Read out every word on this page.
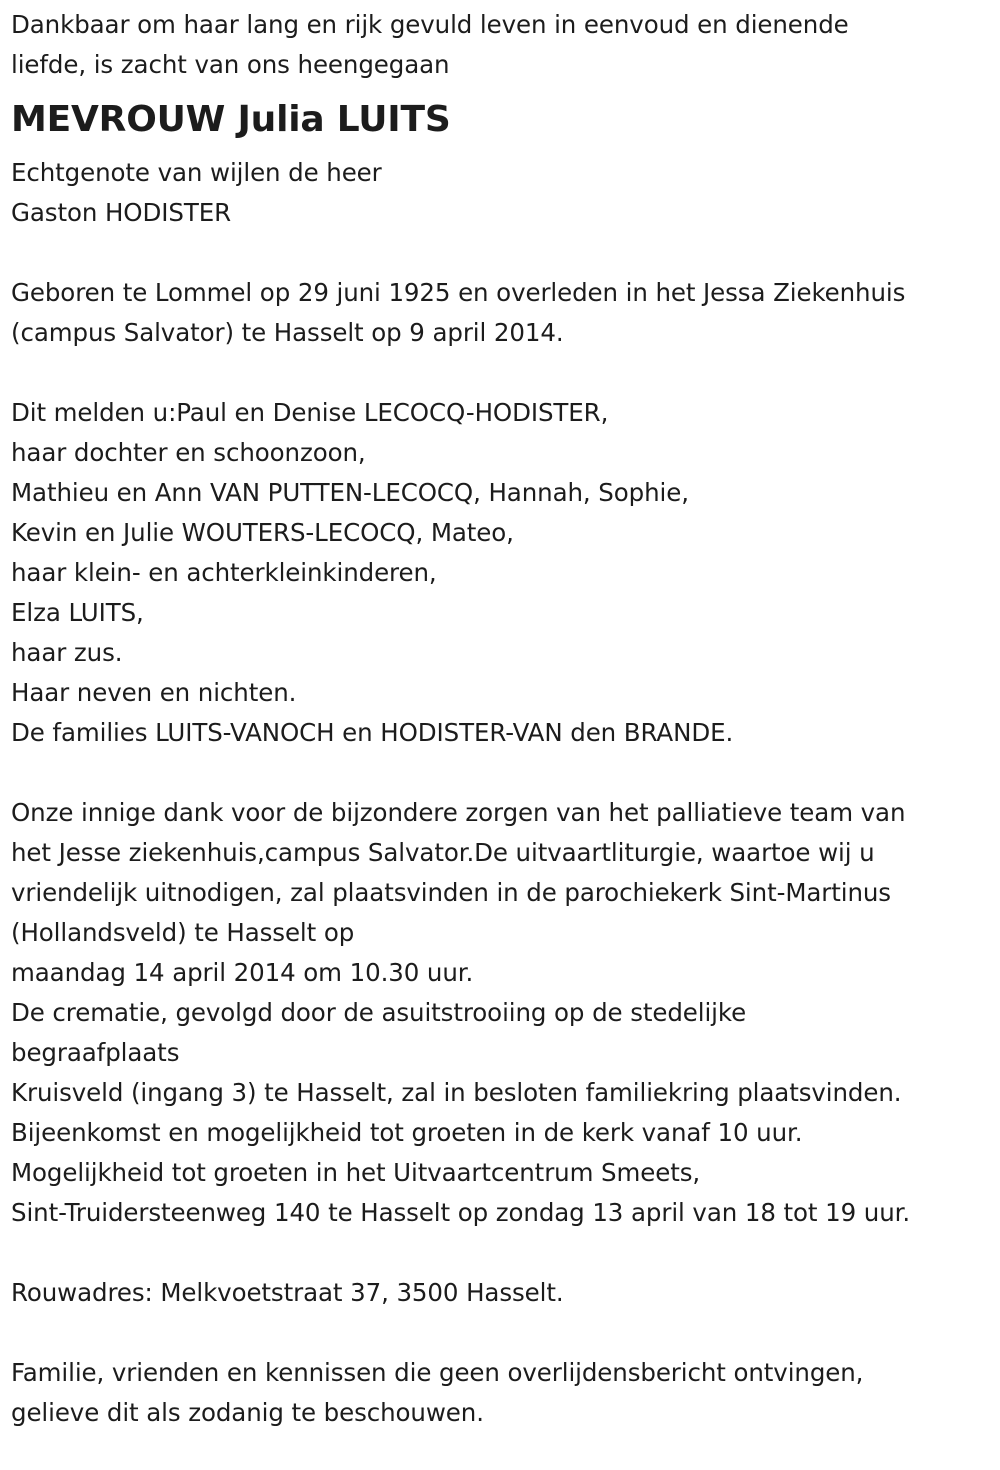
Dankbaar om haar lang en rijk gevuld leven in eenvoud en dienende
liefde, is zacht van ons heengegaan
MEVROUW Julia LUITS
Echtgenote van wijlen de heer
Gaston HODISTER
Geboren te Lommel op 29 juni 1925 en overleden in het Jessa Ziekenhuis
(campus Salvator) te Hasselt op 9 april 2014.
Dit melden u:Paul en Denise LECOCQ-HODISTER,
haar dochter en schoonzoon,
Mathieu en Ann VAN PUTTEN-LECOCQ, Hannah, Sophie,
Kevin en Julie WOUTERS-LECOCQ, Mateo,
haar klein- en achterkleinkinderen,
Elza LUITS,
haar zus.
Haar neven en nichten.
De families LUITS-VANOCH en HODISTER-VAN den BRANDE.
Onze innige dank voor de bijzondere zorgen van het palliatieve team van
het Jesse ziekenhuis,campus Salvator.De uitvaartliturgie, waartoe wij u
vriendelijk uitnodigen, zal plaatsvinden in de parochiekerk Sint-Martinus
(Hollandsveld) te Hasselt op
maandag 14 april 2014 om 10.30 uur.
De crematie, gevolgd door de asuitstrooiing op de stedelijke
begraafplaats
Kruisveld (ingang 3) te Hasselt, zal in besloten familiekring plaatsvinden.
Bijeenkomst en mogelijkheid tot groeten in de kerk vanaf 10 uur.
Mogelijkheid tot groeten in het Uitvaartcentrum Smeets,
Sint-Truidersteenweg 140 te Hasselt op zondag 13 april van 18 tot 19 uur.
Rouwadres: Melkvoetstraat 37, 3500 Hasselt.
Familie, vrienden en kennissen die geen overlijdensbericht ontvingen,
gelieve dit als zodanig te beschouwen.
